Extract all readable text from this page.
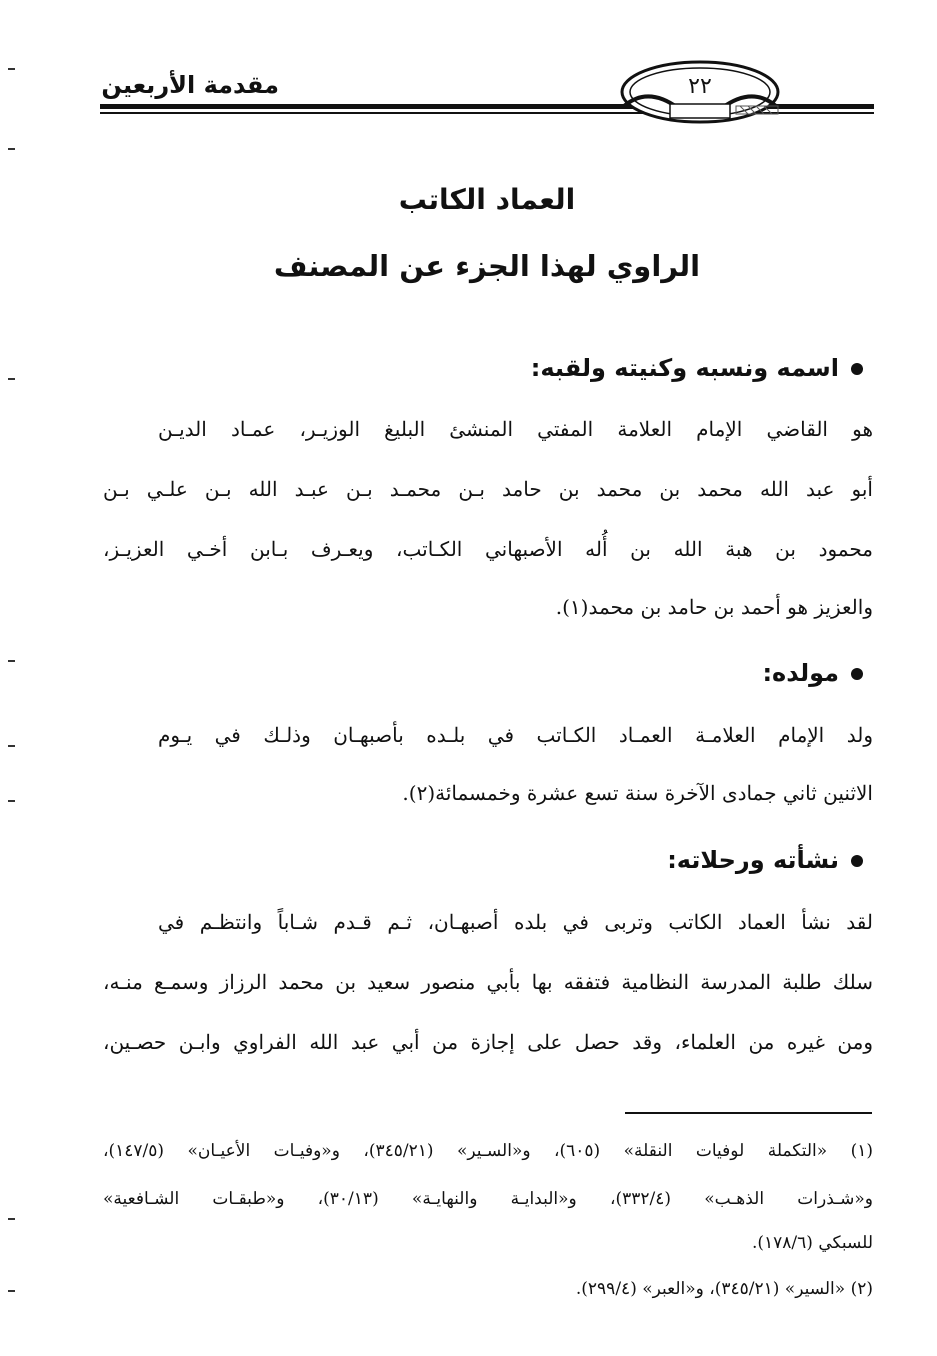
مقدمة الأربعين	٢٢
العماد الكاتب
الراوي لهذا الجزء عن المصنف
اسمه ونسبه وكنيته ولقبه:
هو القاضي الإمام العلامة المفتي المنشئ البليغ الوزيـر، عمـاد الديـن
أبو عبد الله محمد بن محمد بن حامد بـن محمـد بـن عبـد الله بـن علـي بـن
محمود بن هبة الله بن أُله الأصبهاني الكـاتب، ويعـرف بـابن أخـي العزيـز،
والعزيز هو أحمد بن حامد بن محمد(١).
مولده:
ولد الإمام العلامـة العمـاد الكـاتب في بلـده بأصبهـان وذلـك في يـوم
الاثنين ثاني جمادى الآخرة سنة تسع عشرة وخمسمائة(٢).
نشأته ورحلاته:
لقد نشأ العماد الكاتب وتربى في بلده أصبهـان، ثـم قـدم شـاباً وانتظـم في
سلك طلبة المدرسة النظامية فتفقه بها بأبي منصور سعيد بن محمد الرزاز وسمـع منـه،
ومن غيره من العلماء، وقد حصل على إجازة من أبي عبد الله الفراوي وابـن حصـين،
(١) «التكملة لوفيات النقلة» (٦٠٥)، و«السـير» (٣٤٥/٢١)، و«وفيـات الأعيـان» (١٤٧/٥)،
و«شـذرات الذهـب» (٣٣٢/٤)، و«البدايـة والنهايـة» (٣٠/١٣)، و«طبقـات الشـافعية»
للسبكي (١٧٨/٦).
(٢) «السير» (٣٤٥/٢١)، و«العبر» (٢٩٩/٤).
